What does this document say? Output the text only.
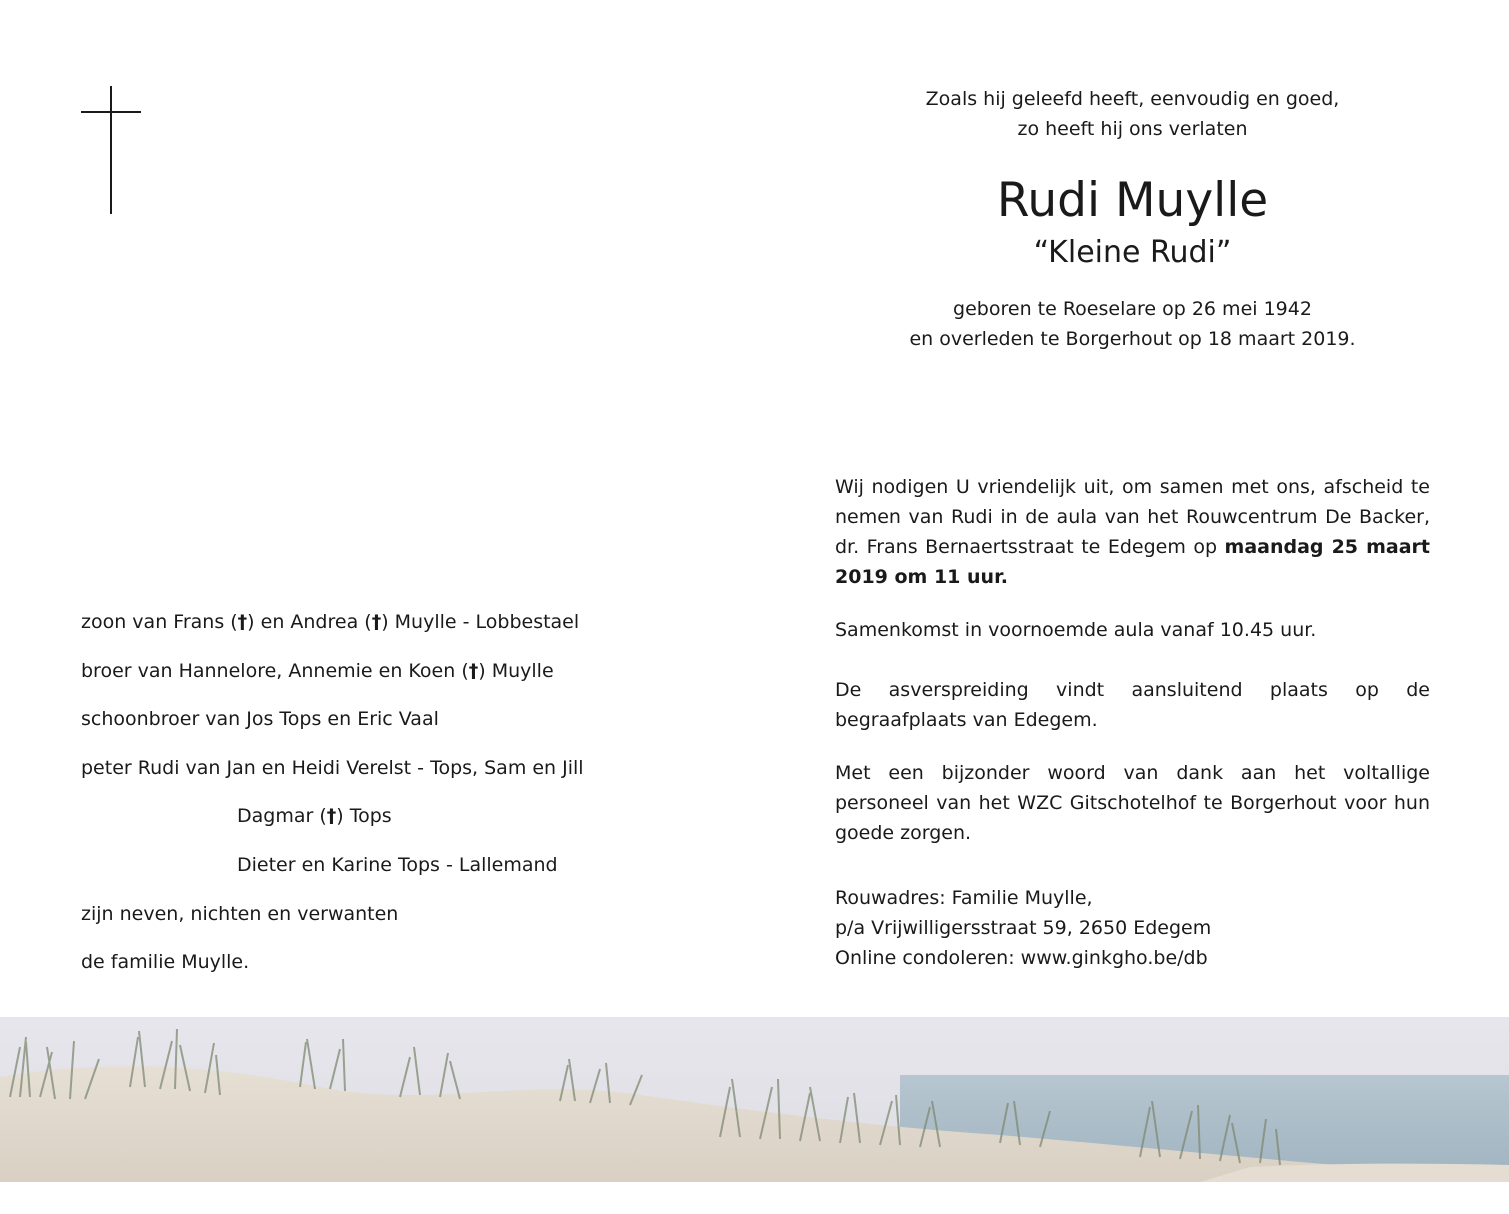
Zoals hij geleefd heeft, eenvoudig en goed,
zo heeft hij ons verlaten
Rudi Muylle
“Kleine Rudi”
geboren te Roeselare op 26 mei 1942
en overleden te Borgerhout op 18 maart 2019.
Wij nodigen U vriendelijk uit, om samen met ons, afscheid te nemen van Rudi in de aula van het Rouwcentrum De Backer, dr. Frans Bernaertsstraat te Edegem op maandag 25 maart 2019 om 11 uur.
Samenkomst in voornoemde aula vanaf 10.45 uur.
De asverspreiding vindt aansluitend plaats op de begraafplaats van Edegem.
Met een bijzonder woord van dank aan het voltallige personeel van het WZC Gitschotelhof te Borgerhout voor hun goede zorgen.
Rouwadres: Familie Muylle,
p/a Vrijwilligersstraat 59, 2650 Edegem
Online condoleren: www.ginkgho.be/db
zoon van Frans (†) en Andrea (†) Muylle - Lobbestael
broer van Hannelore, Annemie en Koen (†) Muylle
schoonbroer van Jos Tops en Eric Vaal
peter Rudi van Jan en Heidi Verelst - Tops, Sam en Jill
Dagmar (†) Tops
Dieter en Karine Tops - Lallemand
zijn neven, nichten en verwanten
de familie Muylle.
